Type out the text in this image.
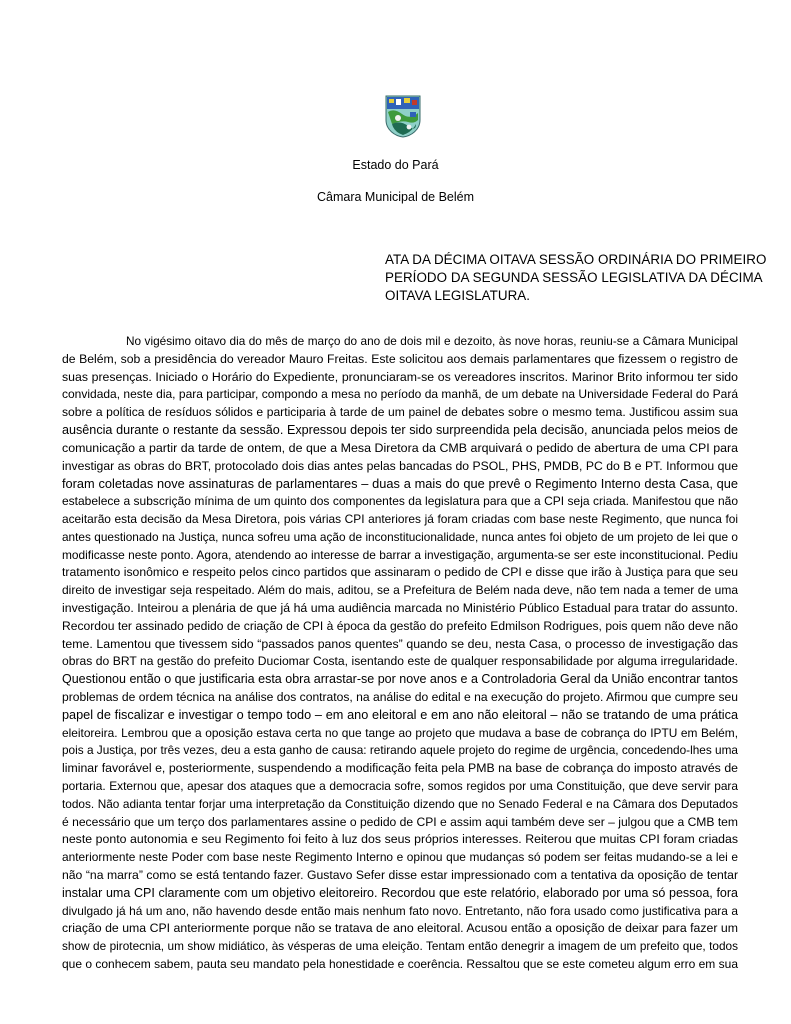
Estado do Pará
Câmara Municipal de Belém
ATA DA DÉCIMA OITAVA SESSÃO ORDINÁRIA DO PRIMEIRO
PERÍODO DA SEGUNDA SESSÃO LEGISLATIVA DA DÉCIMA
OITAVA LEGISLATURA.
No vigésimo oitavo dia do mês de março do ano de dois mil e dezoito, às nove horas, reuniu-se a Câmara Municipal
de Belém, sob a presidência do vereador Mauro Freitas. Este solicitou aos demais parlamentares que fizessem o registro de
suas presenças. Iniciado o Horário do Expediente, pronunciaram-se os vereadores inscritos. Marinor Brito informou ter sido
convidada, neste dia, para participar, compondo a mesa no período da manhã, de um debate na Universidade Federal do Pará
sobre a política de resíduos sólidos e participaria à tarde de um painel de debates sobre o mesmo tema. Justificou assim sua
ausência durante o restante da sessão. Expressou depois ter sido surpreendida pela decisão, anunciada pelos meios de
comunicação a partir da tarde de ontem, de que a Mesa Diretora da CMB arquivará o pedido de abertura de uma CPI para
investigar as obras do BRT, protocolado dois dias antes pelas bancadas do PSOL, PHS, PMDB, PC do B e PT. Informou que
foram coletadas nove assinaturas de parlamentares – duas a mais do que prevê o Regimento Interno desta Casa, que
estabelece a subscrição mínima de um quinto dos componentes da legislatura para que a CPI seja criada. Manifestou que não
aceitarão esta decisão da Mesa Diretora, pois várias CPI anteriores já foram criadas com base neste Regimento, que nunca foi
antes questionado na Justiça, nunca sofreu uma ação de inconstitucionalidade, nunca antes foi objeto de um projeto de lei que o
modificasse neste ponto. Agora, atendendo ao interesse de barrar a investigação, argumenta-se ser este inconstitucional. Pediu
tratamento isonômico e respeito pelos cinco partidos que assinaram o pedido de CPI e disse que irão à Justiça para que seu
direito de investigar seja respeitado. Além do mais, aditou, se a Prefeitura de Belém nada deve, não tem nada a temer de uma
investigação. Inteirou a plenária de que já há uma audiência marcada no Ministério Público Estadual para tratar do assunto.
Recordou ter assinado pedido de criação de CPI à época da gestão do prefeito Edmilson Rodrigues, pois quem não deve não
teme. Lamentou que tivessem sido “passados panos quentes” quando se deu, nesta Casa, o processo de investigação das
obras do BRT na gestão do prefeito Duciomar Costa, isentando este de qualquer responsabilidade por alguma irregularidade.
Questionou então o que justificaria esta obra arrastar-se por nove anos e a Controladoria Geral da União encontrar tantos
problemas de ordem técnica na análise dos contratos, na análise do edital e na execução do projeto. Afirmou que cumpre seu
papel de fiscalizar e investigar o tempo todo – em ano eleitoral e em ano não eleitoral – não se tratando de uma prática
eleitoreira. Lembrou que a oposição estava certa no que tange ao projeto que mudava a base de cobrança do IPTU em Belém,
pois a Justiça, por três vezes, deu a esta ganho de causa: retirando aquele projeto do regime de urgência, concedendo-lhes uma
liminar favorável e, posteriormente, suspendendo a modificação feita pela PMB na base de cobrança do imposto através de
portaria. Externou que, apesar dos ataques que a democracia sofre, somos regidos por uma Constituição, que deve servir para
todos. Não adianta tentar forjar uma interpretação da Constituição dizendo que no Senado Federal e na Câmara dos Deputados
é necessário que um terço dos parlamentares assine o pedido de CPI e assim aqui também deve ser – julgou que a CMB tem
neste ponto autonomia e seu Regimento foi feito à luz dos seus próprios interesses. Reiterou que muitas CPI foram criadas
anteriormente neste Poder com base neste Regimento Interno e opinou que mudanças só podem ser feitas mudando-se a lei e
não “na marra” como se está tentando fazer. Gustavo Sefer disse estar impressionado com a tentativa da oposição de tentar
instalar uma CPI claramente com um objetivo eleitoreiro. Recordou que este relatório, elaborado por uma só pessoa, fora
divulgado já há um ano, não havendo desde então mais nenhum fato novo. Entretanto, não fora usado como justificativa para a
criação de uma CPI anteriormente porque não se tratava de ano eleitoral. Acusou então a oposição de deixar para fazer um
show de pirotecnia, um show midiático, às vésperas de uma eleição. Tentam então denegrir a imagem de um prefeito que, todos
que o conhecem sabem, pauta seu mandato pela honestidade e coerência. Ressaltou que se este cometeu algum erro em sua
